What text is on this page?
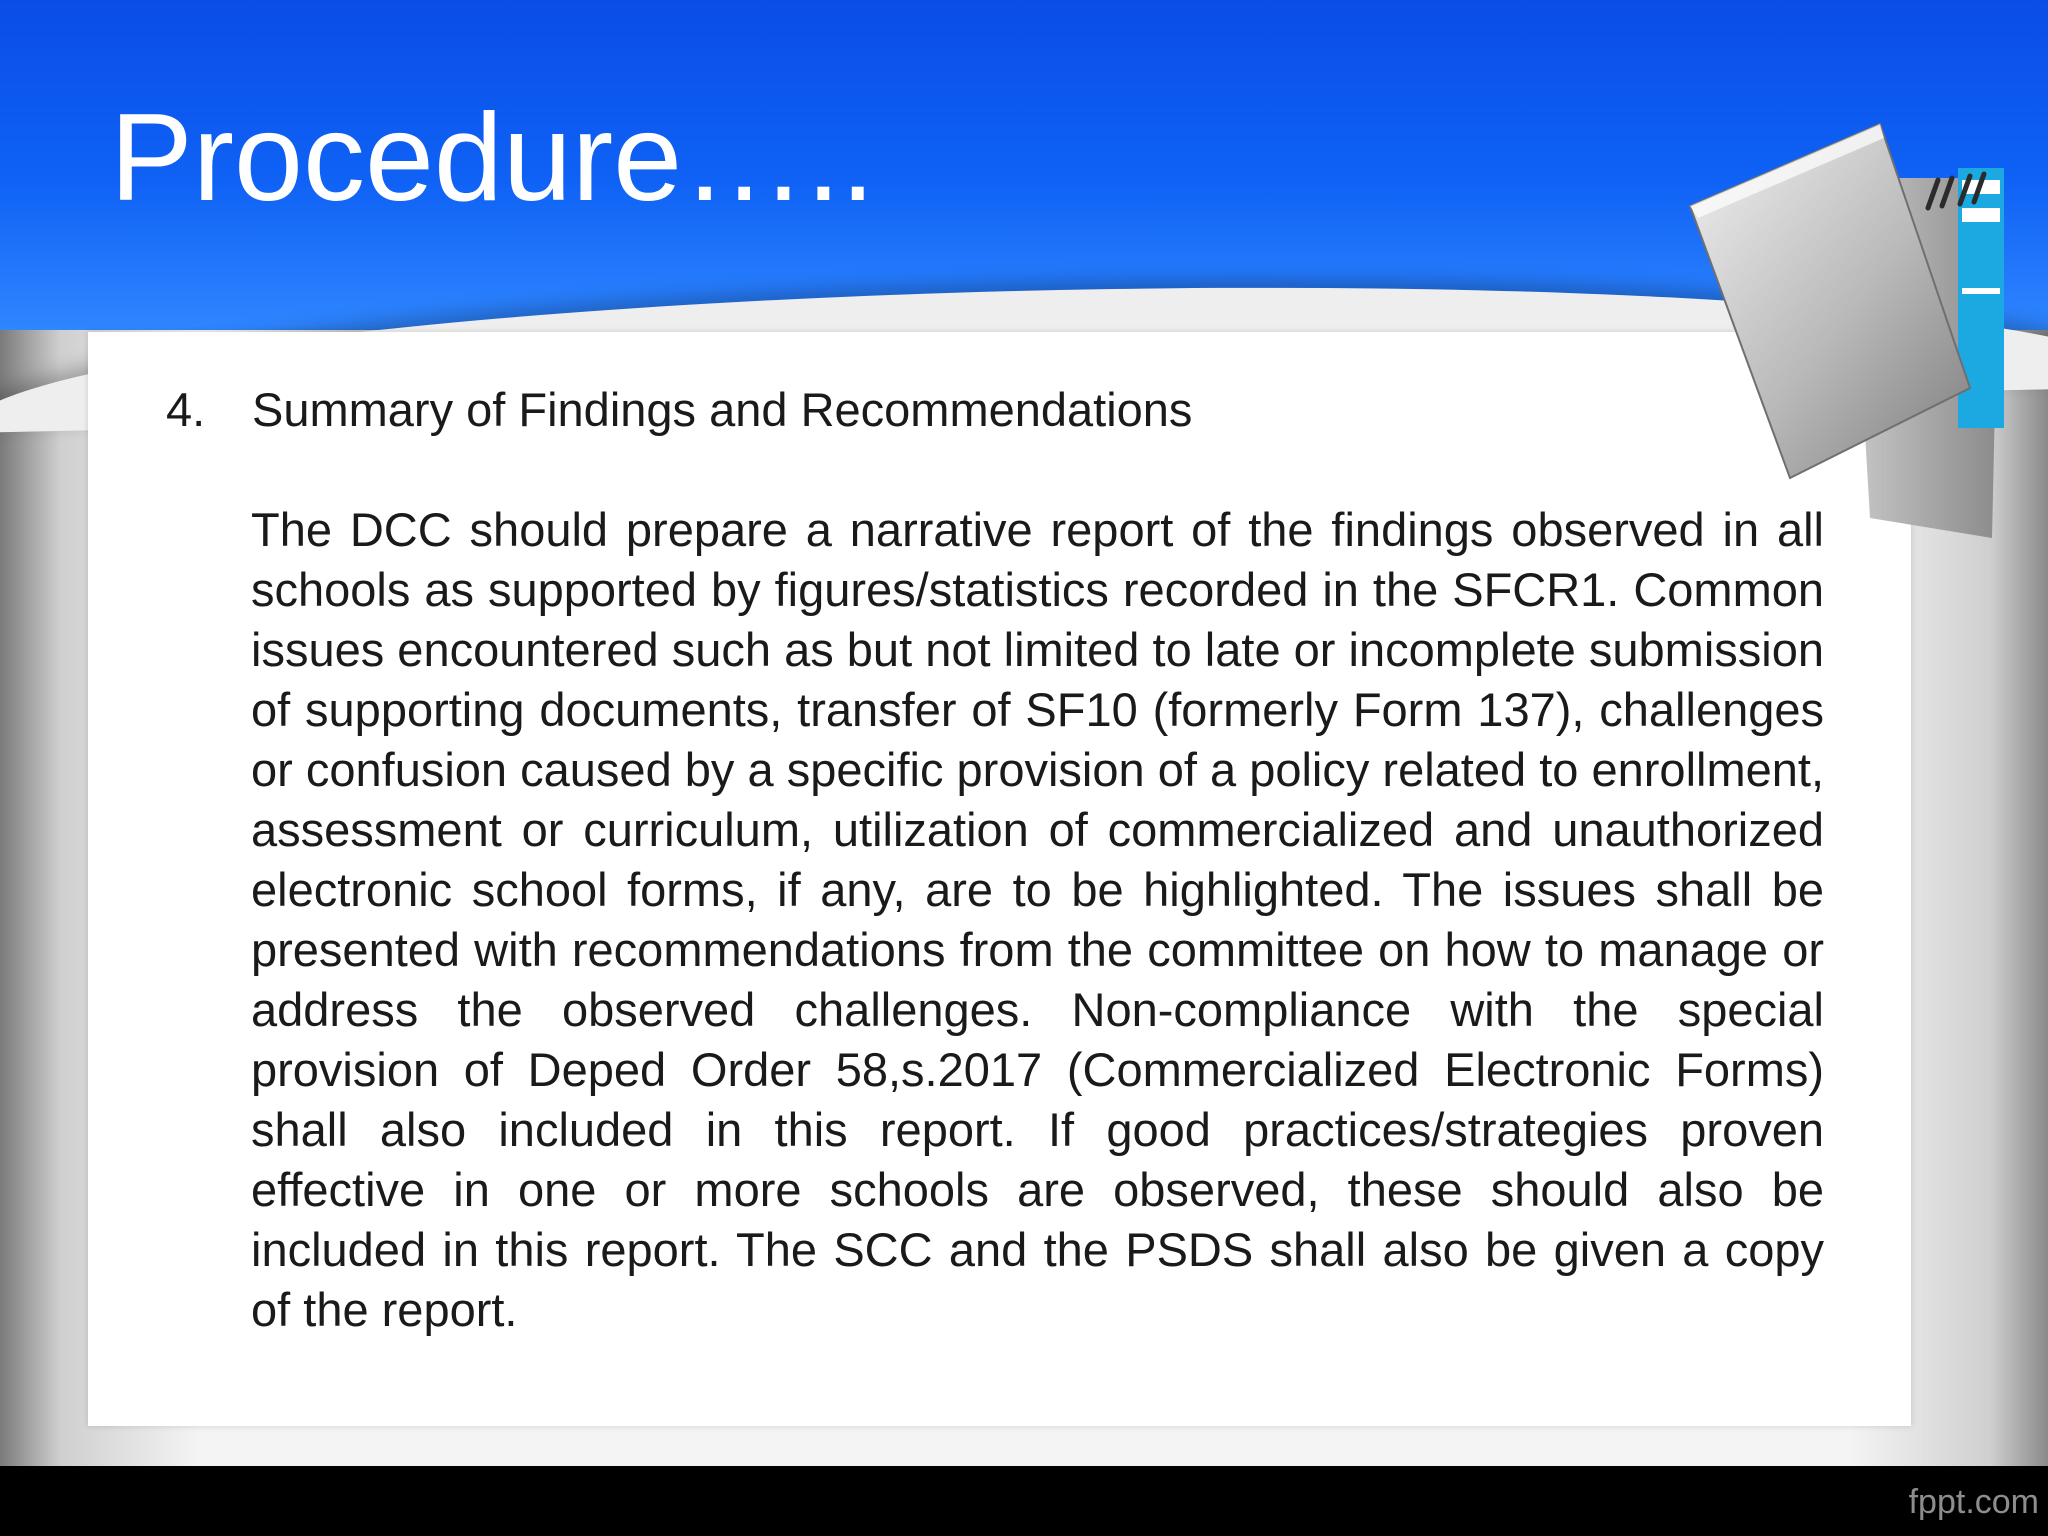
Procedure…..
4. Summary of Findings and Recommendations

The DCC should prepare a narrative report of the findings observed in all schools as supported by figures/statistics recorded in the SFCR1. Common issues encountered such as but not limited to late or incomplete submission of supporting documents, transfer of SF10 (formerly Form 137), challenges or confusion caused by a specific provision of a policy related to enrollment, assessment or curriculum, utilization of commercialized and unauthorized electronic school forms, if any, are to be highlighted. The issues shall be presented with recommendations from the committee on how to manage or address the observed challenges. Non-compliance with the special provision of Deped Order 58,s.2017 (Commercialized Electronic Forms) shall also included in this report. If good practices/strategies proven effective in one or more schools are observed, these should also be included in this report. The SCC and the PSDS shall also be given a copy of the report.

fppt.com
